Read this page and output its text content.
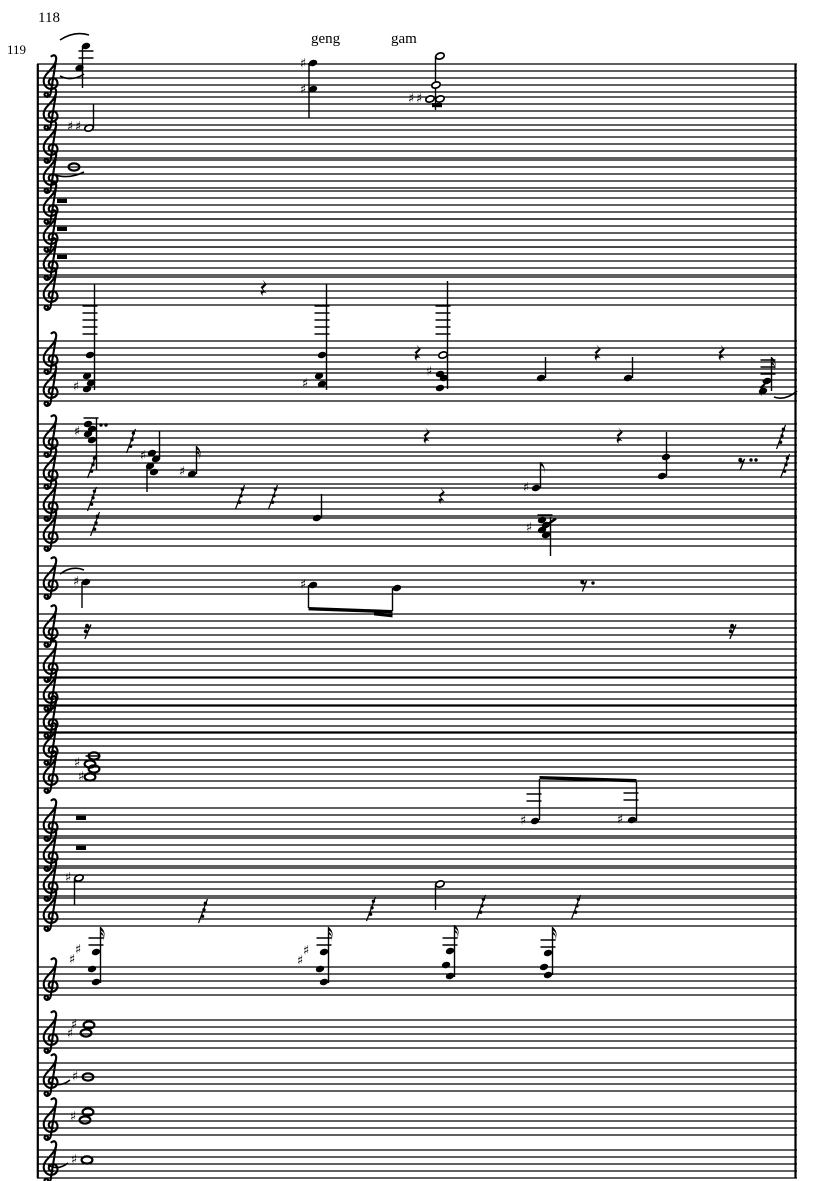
118
119
geng	gam
♯
♯
♯ ♯
♯ ♯
♯	♯
♯
♯
♯
♯
♯
♯
♯	♯
♯
♯
♯	♯
♯
♯
♯
♯
♯
♯
♯
♯
♯
♯
